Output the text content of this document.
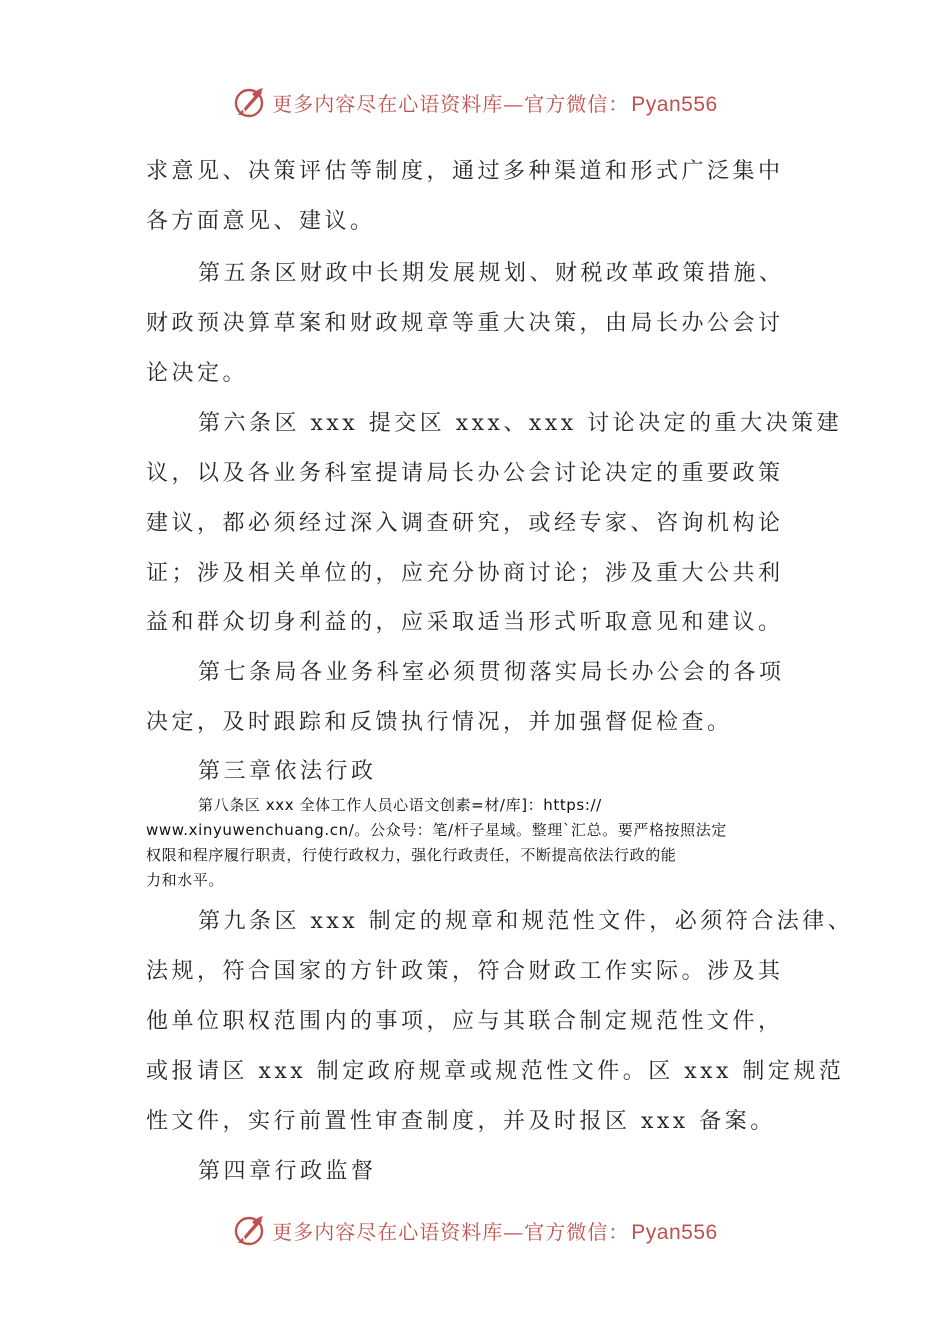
更多内容尽在心语资料库—官方微信：Pyan556
求意见、决策评估等制度，通过多种渠道和形式广泛集中
各方面意见、建议。
第五条区财政中长期发展规划、财税改革政策措施、
财政预决算草案和财政规章等重大决策，由局长办公会讨
论决定。
第六条区 xxx 提交区 xxx、xxx 讨论决定的重大决策建
议，以及各业务科室提请局长办公会讨论决定的重要政策
建议，都必须经过深入调查研究，或经专家、咨询机构论
证；涉及相关单位的，应充分协商讨论；涉及重大公共利
益和群众切身利益的，应采取适当形式听取意见和建议。
第七条局各业务科室必须贯彻落实局长办公会的各项
决定，及时跟踪和反馈执行情况，并加强督促检查。
第三章依法行政
第八条区 xxx 全体工作人员心语文创素=材/库]：https://
www.xinyuwenchuang.cn/。公众号：笔/杆子星域。整理`汇总。要严格按照法定
权限和程序履行职责，行使行政权力，强化行政责任，不断提高依法行政的能
力和水平。
第九条区 xxx 制定的规章和规范性文件，必须符合法律、
法规，符合国家的方针政策，符合财政工作实际。涉及其
他单位职权范围内的事项，应与其联合制定规范性文件，
或报请区 xxx 制定政府规章或规范性文件。区 xxx 制定规范
性文件，实行前置性审查制度，并及时报区 xxx 备案。
第四章行政监督
更多内容尽在心语资料库—官方微信：Pyan556
